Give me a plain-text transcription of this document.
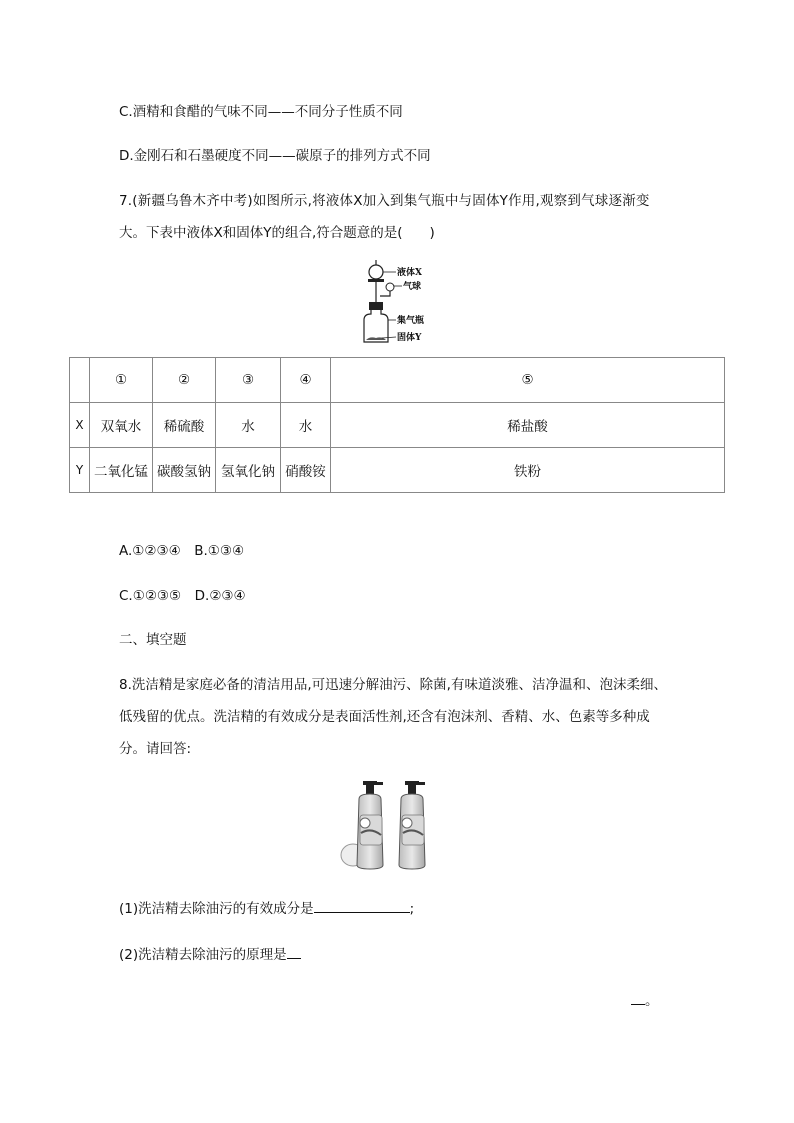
C.酒精和食醋的气味不同——不同分子性质不同
D.金刚石和石墨硬度不同——碳原子的排列方式不同
7.(新疆乌鲁木齐中考)如图所示,将液体X加入到集气瓶中与固体Y作用,观察到气球逐渐变
大。下表中液体X和固体Y的组合,符合题意的是(　　)
液体X
气球
集气瓶
固体Y
	①	②	③	④	⑤
X	双氧水	稀硫酸	水	水	稀盐酸
Y	二氧化锰	碳酸氢钠	氢氧化钠	硝酸铵	铁粉
A.①②③④　B.①③④
C.①②③⑤　D.②③④
二、填空题
8.洗洁精是家庭必备的清洁用品,可迅速分解油污、除菌,有味道淡雅、洁净温和、泡沫柔细、
低残留的优点。洗洁精的有效成分是表面活性剂,还含有泡沫剂、香精、水、色素等多种成
分。请回答:
(1)洗洁精去除油污的有效成分是	;
(2)洗洁精去除油污的原理是
。
